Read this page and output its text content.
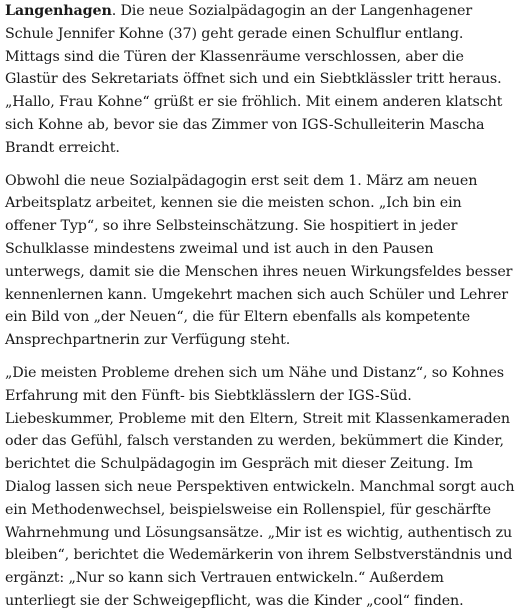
Langenhagen. Die neue Sozialpädagogin an der Langenhagener Schule Jennifer Kohne (37) geht gerade einen Schulflur entlang. Mittags sind die Türen der Klassenräume verschlossen, aber die Glastür des Sekretariats öffnet sich und ein Siebtklässler tritt heraus. „Hallo, Frau Kohne“ grüßt er sie fröhlich. Mit einem anderen klatscht sich Kohne ab, bevor sie das Zimmer von IGS-Schulleiterin Mascha Brandt erreicht.

Obwohl die neue Sozialpädagogin erst seit dem 1. März am neuen Arbeitsplatz arbeitet, kennen sie die meisten schon. „Ich bin ein offener Typ“, so ihre Selbsteinschätzung. Sie hospitiert in jeder Schulklasse mindestens zweimal und ist auch in den Pausen unterwegs, damit sie die Menschen ihres neuen Wirkungsfeldes besser kennenlernen kann. Umgekehrt machen sich auch Schüler und Lehrer ein Bild von „der Neuen“, die für Eltern ebenfalls als kompetente Ansprechpartnerin zur Verfügung steht.

„Die meisten Probleme drehen sich um Nähe und Distanz“, so Kohnes Erfahrung mit den Fünft- bis Siebtklässlern der IGS-Süd. Liebeskummer, Probleme mit den Eltern, Streit mit Klassenkameraden oder das Gefühl, falsch verstanden zu werden, bekümmert die Kinder, berichtet die Schulpädagogin im Gespräch mit dieser Zeitung. Im Dialog lassen sich neue Perspektiven entwickeln. Manchmal sorgt auch ein Methodenwechsel, beispielsweise ein Rollenspiel, für geschärfte Wahrnehmung und Lösungsansätze. „Mir ist es wichtig, authentisch zu bleiben“, berichtet die Wedemärkerin von ihrem Selbstverständnis und ergänzt: „Nur so kann sich Vertrauen entwickeln.“ Außerdem unterliegt sie der Schweigepflicht, was die Kinder „cool“ finden.
